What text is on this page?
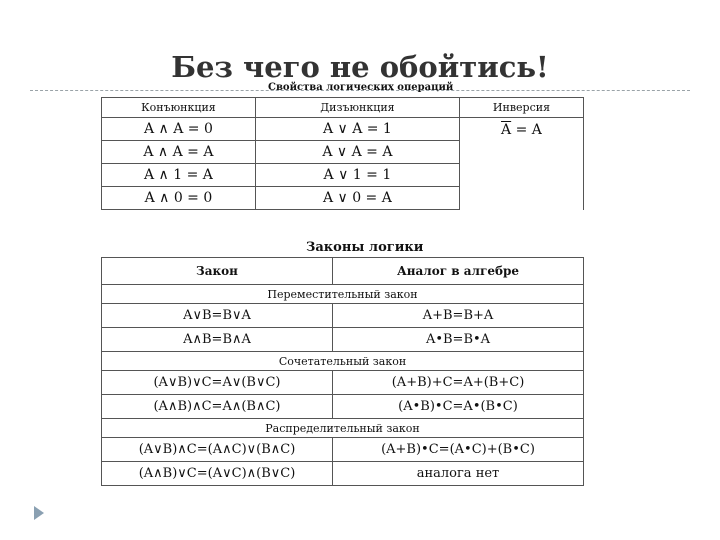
Без чего не обойтись!
Свойства логических операций
Конъюнкция	Дизъюнкция	Инверсия
A ∧ A = 0	A ∨ A = 1	$\overline{A} = A$
A ∧ A = A	A ∨ A = A	
A ∧ 1 = A	A ∨ 1 = 1	
A ∧ 0 = 0	A ∨ 0 = A	
Законы логики
Закон	Аналог в алгебре
Переместительный закон	
A∨B=B∨A	A+B=B+A
A∧B=B∧A	A•B=B•A
Сочетательный закон	
(A∨B)∨C=A∨(B∨C)	(A+B)+C=A+(B+C)
(A∧B)∧C=A∧(B∧C)	(A•B)•C=A•(B•C)
Распределительный закон	
(A∨B)∧C=(A∧C)∨(B∧C)	(A+B)•C=(A•C)+(B•C)
(A∧B)∨C=(A∨C)∧(B∨C)	аналога нет
